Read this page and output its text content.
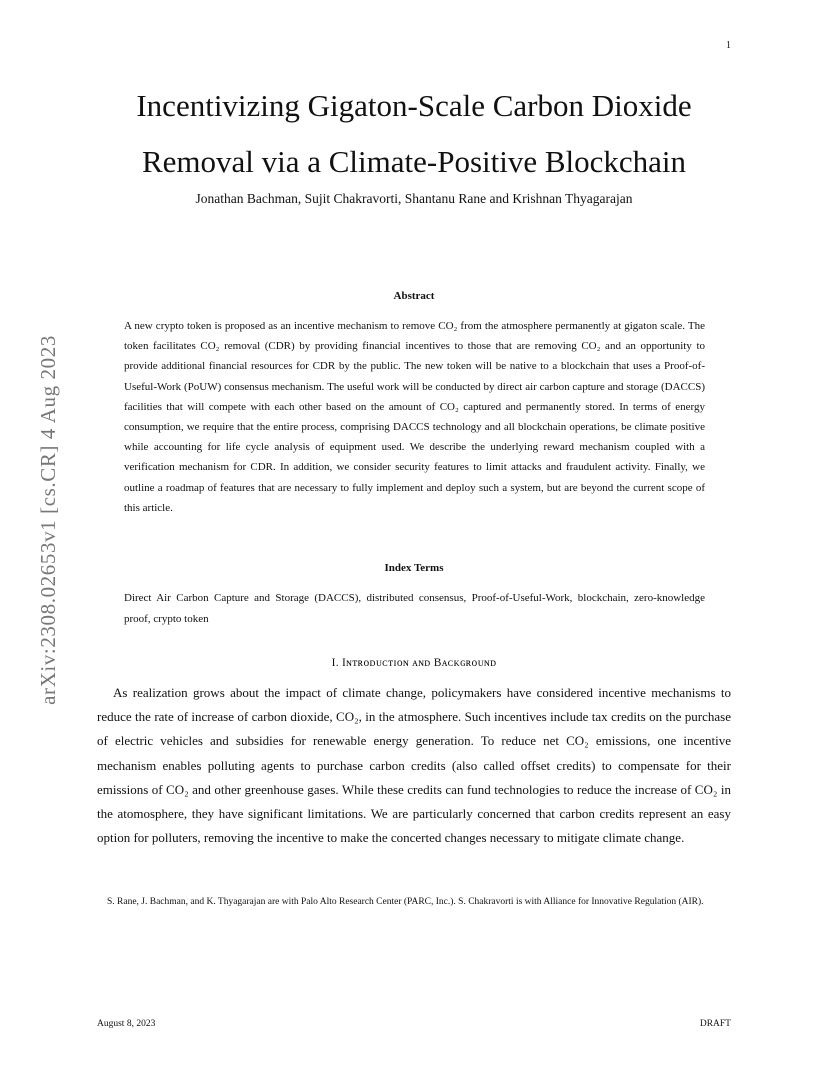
1
Incentivizing Gigaton-Scale Carbon Dioxide
Removal via a Climate-Positive Blockchain
Jonathan Bachman, Sujit Chakravorti, Shantanu Rane and Krishnan Thyagarajan
arXiv:2308.02653v1 [cs.CR] 4 Aug 2023
Abstract
A new crypto token is proposed as an incentive mechanism to remove CO₂ from the atmosphere permanently at gigaton scale. The token facilitates CO₂ removal (CDR) by providing financial incentives to those that are removing CO₂ and an opportunity to provide additional financial resources for CDR by the public. The new token will be native to a blockchain that uses a Proof-of-Useful-Work (PoUW) consensus mechanism. The useful work will be conducted by direct air carbon capture and storage (DACCS) facilities that will compete with each other based on the amount of CO₂ captured and permanently stored. In terms of energy consumption, we require that the entire process, comprising DACCS technology and all blockchain operations, be climate positive while accounting for life cycle analysis of equipment used. We describe the underlying reward mechanism coupled with a verification mechanism for CDR. In addition, we consider security features to limit attacks and fraudulent activity. Finally, we outline a roadmap of features that are necessary to fully implement and deploy such a system, but are beyond the current scope of this article.
Index Terms
Direct Air Carbon Capture and Storage (DACCS), distributed consensus, Proof-of-Useful-Work, blockchain, zero-knowledge proof, crypto token
I. Iɴᴛʀᴏᴅᴜᴄᴛɪᴏɴ ᴀɴᴅ Bᴀᴄᴋɢʀᴏᴜɴᴅ
As realization grows about the impact of climate change, policymakers have considered incentive mechanisms to reduce the rate of increase of carbon dioxide, CO₂, in the atmosphere. Such incentives include tax credits on the purchase of electric vehicles and subsidies for renewable energy generation. To reduce net CO₂ emissions, one incentive mechanism enables polluting agents to purchase carbon credits (also called offset credits) to compensate for their emissions of CO₂ and other greenhouse gases. While these credits can fund technologies to reduce the increase of CO₂ in the atomosphere, they have significant limitations. We are particularly concerned that carbon credits represent an easy option for polluters, removing the incentive to make the concerted changes necessary to mitigate climate change.
S. Rane, J. Bachman, and K. Thyagarajan are with Palo Alto Research Center (PARC, Inc.). S. Chakravorti is with Alliance for Innovative Regulation (AIR).
August 8, 2023	DRAFT
